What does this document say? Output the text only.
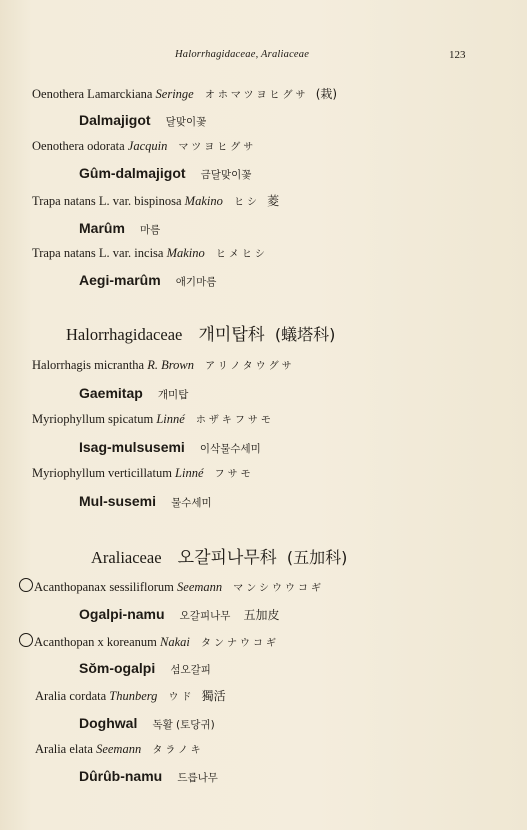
Halorrhagidaceae, Araliaceae	123
Oenothera Lamarckiana Seringe オホマツヨヒグサ (栽)
Dalmajigot 달맞이꽃
Oenothera odorata Jacquin マツヨヒグサ
Gûm-dalmajigot 금달맞이꽃
Trapa natans L. var. bispinosa Makino ヒシ 菱
Marûm 마름
Trapa natans L. var. incisa Makino ヒメヒシ
Aegi-marûm 애기마름
Halorrhagidaceae 개미탑科 (蟻塔科)
Halorrhagis micrantha R. Brown アリノタウグサ
Gaemitap 개미탑
Myriophyllum spicatum Linné ホザキフサモ
Isag-mulsusemi 이삭물수세미
Myriophyllum verticillatum Linné フサモ
Mul-susemi 물수세미
Araliaceae 오갈피나무科 (五加科)
Acanthopanax sessiliflorum Seemann マンシウウコギ
Ogalpi-namu 오갈피나무 五加皮
Acanthopan x koreanum Nakai タンナウコギ
Sŏm-ogalpi 섬오갈피
Aralia cordata Thunberg ウド 獨活
Doghwal 독활 (토당귀)
Aralia elata Seemann タラノキ
Dûrûb-namu 드릅나무
